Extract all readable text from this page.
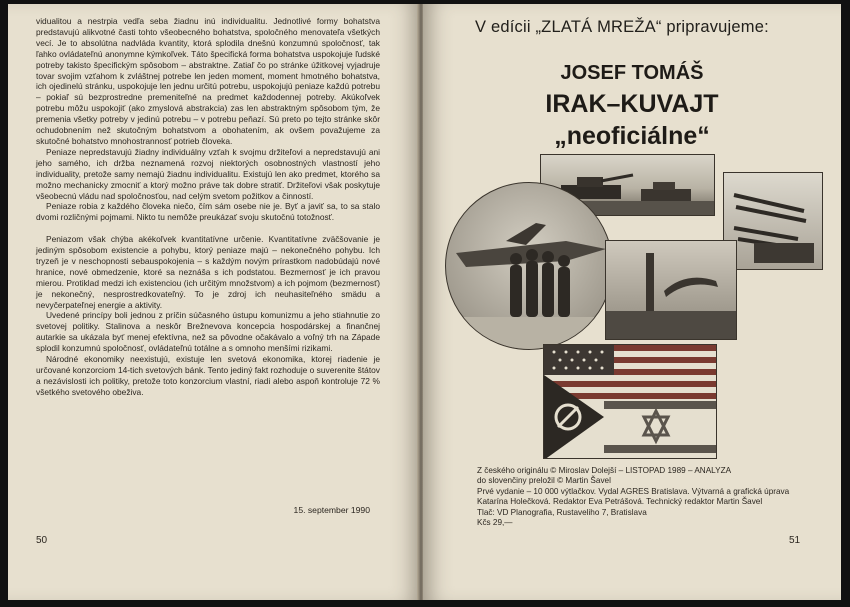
vidualitou a nestrpia vedľa seba žiadnu inú individualitu. Jednotlivé formy bohatstva predstavujú alikvotné časti tohto všeobecného bohatstva, spoločného menovateľa všetkých vecí. Je to absolútna nadvláda kvantity, ktorá splodila dnešnú konzumnú spoločnosť, tak ľahko ovládateľnú anonymne kýmkoľvek. Táto špecifická forma bohatstva uspokojuje ľudské potreby takisto špecifickým spôsobom – abstraktne. Zatiaľ čo po stránke úžitkovej vyjadruje tovar svojim vzťahom k zvláštnej potrebe len jeden moment, moment hmotného bohatstva, ich ojedinelú stránku, uspokojuje len jednu určitú potrebu, uspokojujú peniaze každú potrebu – pokiaľ sú bezprostredne premeniteľné na predmet každodennej potreby. Akúkoľvek potrebu môžu uspokojiť (ako zmyslová abstrakcia) zas len abstraktným spôsobom tým, že premenia všetky potreby v jedinú potrebu – v potrebu peňazí. Sú preto po tejto stránke skôr ochudobnením než skutočným bohatstvom a obohatením, ak ovšem považujeme za skutočné bohatstvo mnohostrannosť potrieb človeka.

Peniaze nepredstavujú žiadny individuálny vzťah k svojmu držiteľovi a nepredstavujú ani jeho samého, ich držba neznamená rozvoj niektorých osobnostných vlastností jeho individuality, pretože samy nemajú žiadnu individualitu. Existujú len ako predmet, ktorého sa možno mechanicky zmocniť a ktorý možno práve tak dobre stratiť. Držiteľovi však poskytuje všeobecnú vládu nad spoločnosťou, nad celým svetom požitkov a činností.

Peniaze robia z každého človeka niečo, čím sám osebe nie je. Byť a javiť sa, to sa stalo dvomi rozličnými pojmami. Nikto tu nemôže preukázať svoju skutočnú totožnosť.

Peniazom však chýba akékoľvek kvantitatívne určenie. Kvantitatívne zväčšovanie je jediným spôsobom existencie a pohybu, ktorý peniaze majú – nekonečného pohybu. Ich tryzeň je v neschopnosti sebauspokojenia – s každým novým prírastkom nadobúdajú nové hranice, nové obmedzenie, ktoré sa neznáša s ich podstatou. Bezmernosť je ich pravou mierou. Protiklad medzi ich existenciou (ich určitým množstvom) a ich pojmom (bezmernosť) je nekonečný, nesprostredkovateľný. To je zdroj ich neuhasiteľného smädu a nevyčerpateľnej energie a aktivity.

Uvedené princípy boli jednou z príčin súčasného ústupu komunizmu a jeho stiahnutie zo svetovej politiky. Stalinova a neskôr Brežnevova koncepcia hospodárskej a finančnej autarkie sa ukázala byť menej efektívna, než sa pôvodne očakávalo a voľný trh na Západe splodil konzumnú spoločnosť, ovládateľnú totálne a s omnoho menšími rizikami.

Národné ekonomiky neexistujú, existuje len svetová ekonomika, ktorej riadenie je určované konzorciom 14-tich svetových bánk. Tento jediný fakt rozhoduje o suverenite štátov a nezávislosti ich politiky, pretože toto konzorcium vlastní, riadi alebo aspoň kontroluje 72 % všetkého svetového obeživa.

15. september 1990
50
V edícii „ZLATÁ MREŽA“ pripravujeme:
JOSEF TOMÁŠ
IRAK–KUVAJT
„neoficiálne“
Z českého originálu © Miroslav Dolejší – LISTOPAD 1989 – ANALYZA
do slovenčiny preložil © Martin Šavel
Prvé vydanie – 10 000 výtlačkov. Vydal AGRES Bratislava. Výtvarná a grafická úprava
Katarína Holečková. Redaktor Eva Petrášová. Technický redaktor Martin Šavel
Tlač: VD Planografia, Rustaveliho 7, Bratislava
Kčs 29,—
51
